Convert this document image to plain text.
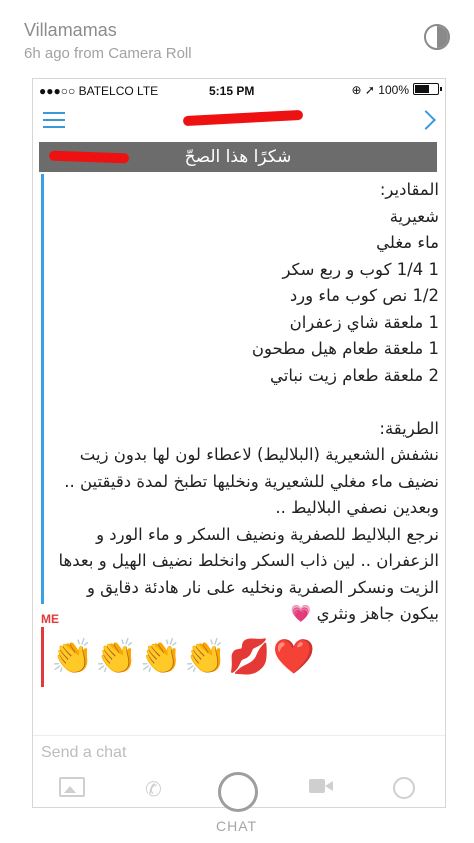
Villamamas
6h ago from Camera Roll
●●●○○ BATELCO LTE	5:15 PM	⊕ ➚ 100%
شكرًا هذا الصحّ
المقادير:
شعيرية
ماء مغلي
1 1/4 كوب و ربع سكر
1/2 نص كوب ماء ورد
1 ملعقة شاي زعفران
1 ملعقة طعام هيل مطحون
2 ملعقة طعام زيت نباتي

الطريقة:
نشفش الشعيرية (البلاليط) لاعطاء لون لها بدون زيت
نضيف ماء مغلي للشعيرية ونخليها تطبخ لمدة دقيقتين ..
وبعدين نصفي البلاليط ..
نرجع البلاليط للصفرية ونضيف السكر و ماء الورد و
الزعفران .. لين ذاب السكر وانخلط نضيف الهيل و بعدها
الزيت ونسكر الصفرية ونخليه على نار هادئة دقايق و
بيكون جاهز ونثري 💗
ME
👏👏👏👏💋❤️
Send a chat
✆
CHAT
